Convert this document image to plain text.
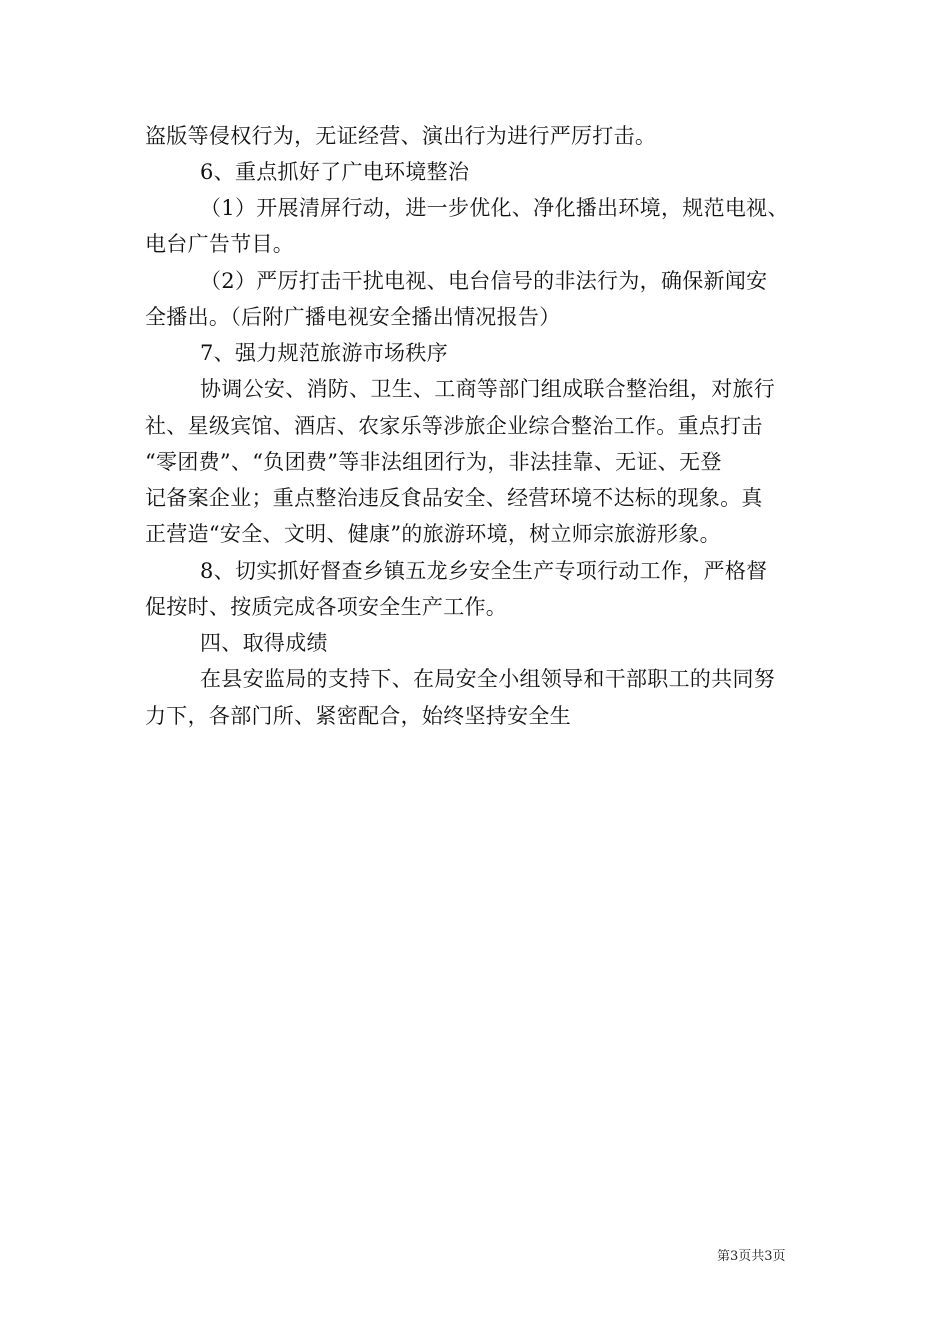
盗版等侵权行为，无证经营、演出行为进行严厉打击。
6、重点抓好了广电环境整治
（1）开展清屏行动，进一步优化、净化播出环境，规范电视、
电台广告节目。
（2）严厉打击干扰电视、电台信号的非法行为，确保新闻安
全播出。（后附广播电视安全播出情况报告）
7、强力规范旅游市场秩序
协调公安、消防、卫生、工商等部门组成联合整治组，对旅行
社、星级宾馆、酒店、农家乐等涉旅企业综合整治工作。重点打击
“零团费”、“负团费”等非法组团行为，非法挂靠、无证、无登
记备案企业；重点整治违反食品安全、经营环境不达标的现象。真
正营造“安全、文明、健康”的旅游环境，树立师宗旅游形象。
8、切实抓好督查乡镇五龙乡安全生产专项行动工作，严格督
促按时、按质完成各项安全生产工作。
四、取得成绩
在县安监局的支持下、在局安全小组领导和干部职工的共同努
力下，各部门所、紧密配合，始终坚持安全生
第3页共3页
